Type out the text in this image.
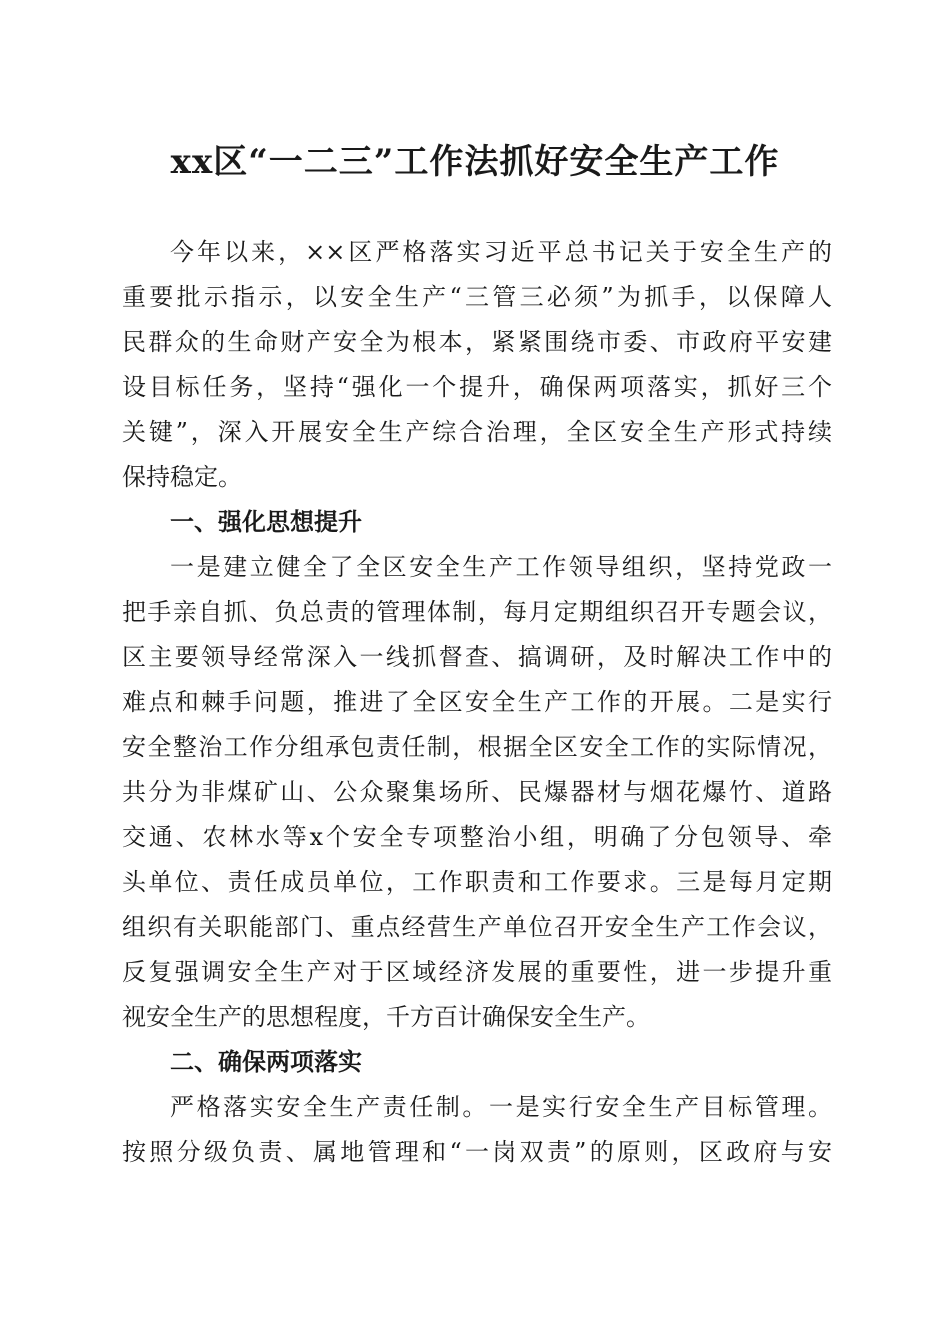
xx区“一二三”工作法抓好安全生产工作
今年以来，××区严格落实习近平总书记关于安全生产的
重要批示指示，以安全生产“三管三必须”为抓手，以保障人
民群众的生命财产安全为根本，紧紧围绕市委、市政府平安建
设目标任务，坚持“强化一个提升，确保两项落实，抓好三个
关键”，深入开展安全生产综合治理，全区安全生产形式持续
保持稳定。
一、强化思想提升
一是建立健全了全区安全生产工作领导组织，坚持党政一
把手亲自抓、负总责的管理体制，每月定期组织召开专题会议，
区主要领导经常深入一线抓督查、搞调研，及时解决工作中的
难点和棘手问题，推进了全区安全生产工作的开展。二是实行
安全整治工作分组承包责任制，根据全区安全工作的实际情况，
共分为非煤矿山、公众聚集场所、民爆器材与烟花爆竹、道路
交通、农林水等x个安全专项整治小组，明确了分包领导、牵
头单位、责任成员单位，工作职责和工作要求。三是每月定期
组织有关职能部门、重点经营生产单位召开安全生产工作会议，
反复强调安全生产对于区域经济发展的重要性，进一步提升重
视安全生产的思想程度，千方百计确保安全生产。
二、确保两项落实
严格落实安全生产责任制。一是实行安全生产目标管理。
按照分级负责、属地管理和“一岗双责”的原则，区政府与安
